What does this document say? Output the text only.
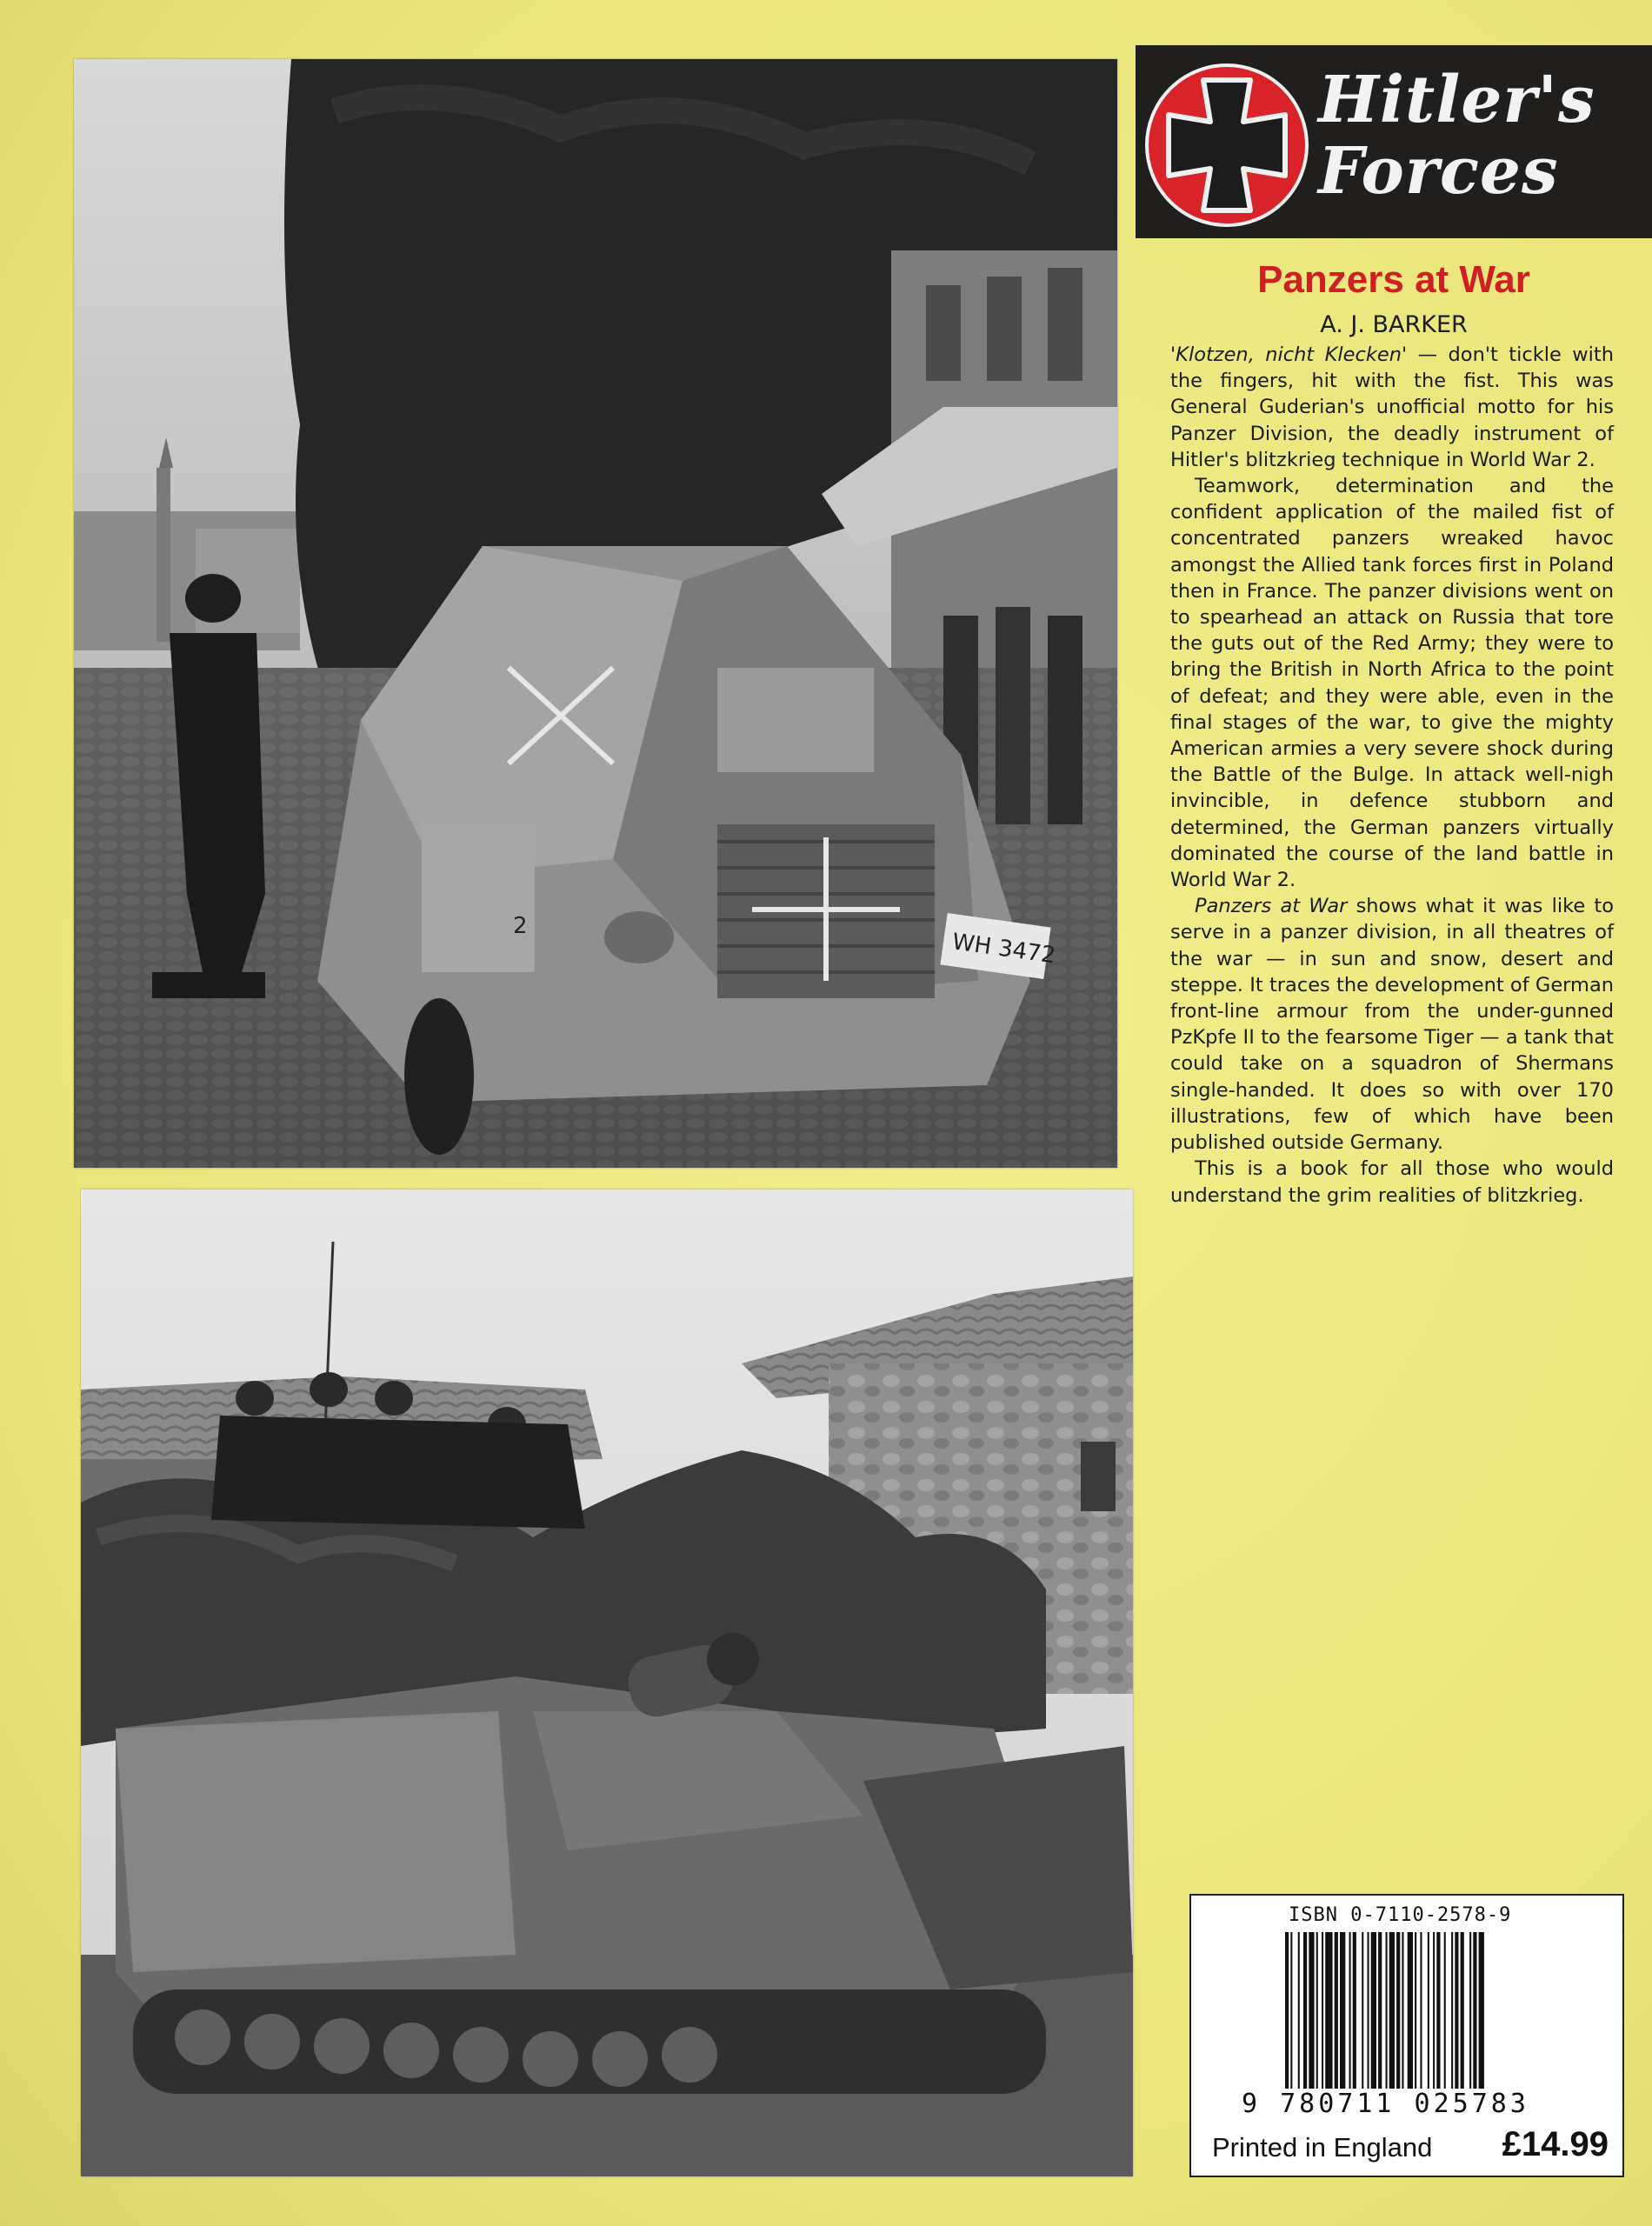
WH 3472
2
Hitler's
Forces
Panzers at War
A. J. BARKER

'Klotzen, nicht Klecken' — don't tickle with the fingers, hit with the fist. This was General Guderian's unofficial motto for his Panzer Division, the deadly instrument of Hitler's blitzkrieg technique in World War 2.

Teamwork, determination and the confident application of the mailed fist of concentrated panzers wreaked havoc amongst the Allied tank forces first in Poland then in France. The panzer divisions went on to spearhead an attack on Russia that tore the guts out of the Red Army; they were to bring the British in North Africa to the point of defeat; and they were able, even in the final stages of the war, to give the mighty American armies a very severe shock during the Battle of the Bulge. In attack well-nigh invincible, in defence stubborn and determined, the German panzers virtually dominated the course of the land battle in World War 2.

Panzers at War shows what it was like to serve in a panzer division, in all theatres of the war — in sun and snow, desert and steppe. It traces the development of German front-line armour from the under-gunned PzKpfe II to the fearsome Tiger — a tank that could take on a squadron of Shermans single-handed. It does so with over 170 illustrations, few of which have been published outside Germany.

This is a book for all those who would understand the grim realities of blitzkrieg.

ISBN 0-7110-2578-9
9 780711 025783
Printed in England £14.99
